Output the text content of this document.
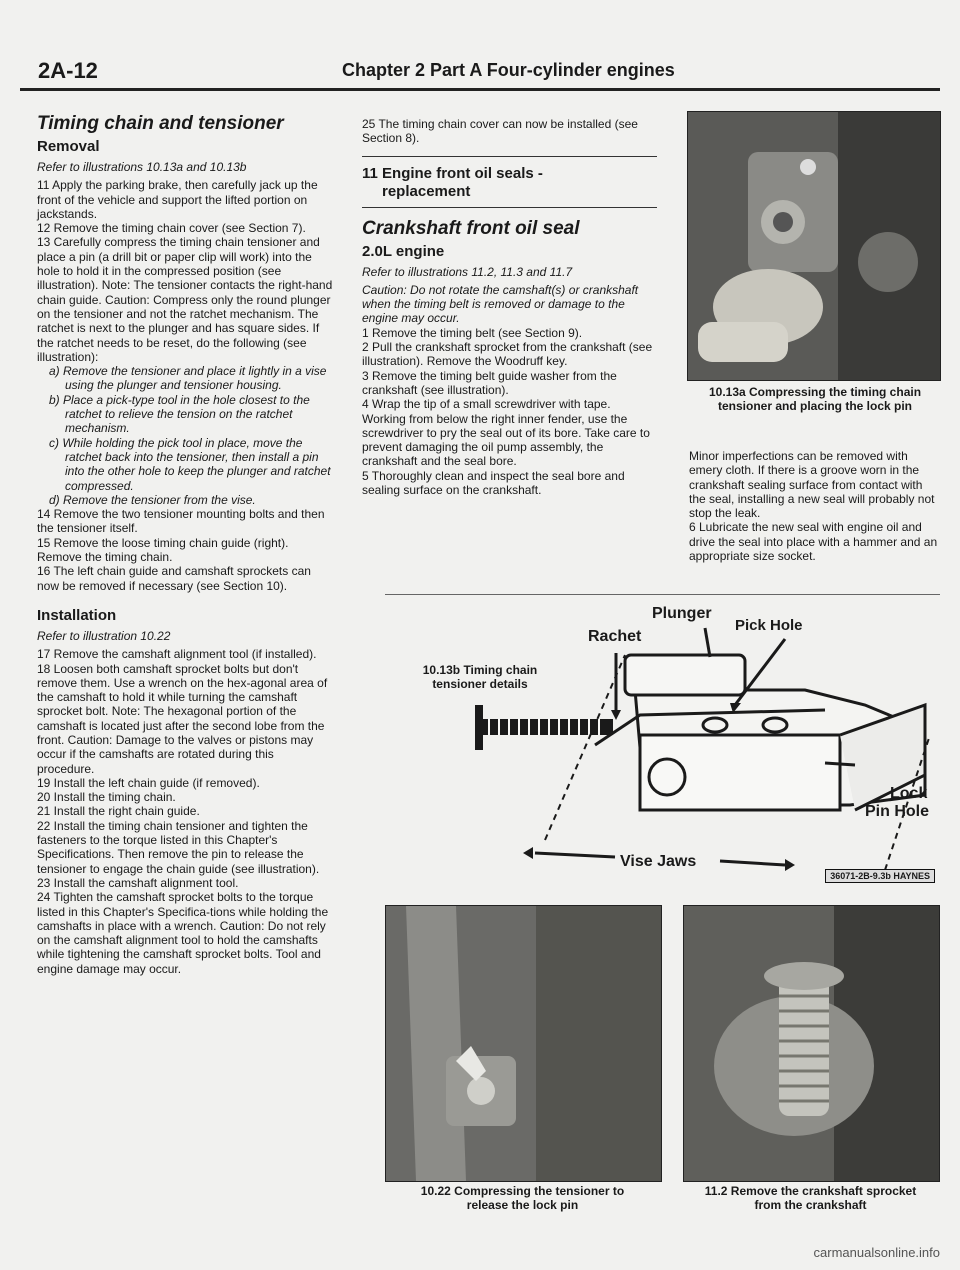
2A-12	Chapter 2 Part A Four-cylinder engines
Timing chain and tensioner
Removal

Refer to illustrations 10.13a and 10.13b

11 Apply the parking brake, then carefully jack up the front of the vehicle and support the lifted portion on jackstands.

12 Remove the timing chain cover (see Section 7).

13 Carefully compress the timing chain tensioner and place a pin (a drill bit or paper clip will work) into the hole to hold it in the compressed position (see illustration). Note: The tensioner contacts the right-hand chain guide. Caution: Compress only the round plunger on the tensioner and not the ratchet mechanism. The ratchet is next to the plunger and has square sides. If the ratchet needs to be reset, do the following (see illustration):

a) Remove the tensioner and place it lightly in a vise using the plunger and tensioner housing.

b) Place a pick-type tool in the hole closest to the ratchet to relieve the tension on the ratchet mechanism.

c) While holding the pick tool in place, move the ratchet back into the tensioner, then install a pin into the other hole to keep the plunger and ratchet compressed.

d) Remove the tensioner from the vise.

14 Remove the two tensioner mounting bolts and then the tensioner itself.

15 Remove the loose timing chain guide (right). Remove the timing chain.

16 The left chain guide and camshaft sprockets can now be removed if necessary (see Section 10).

Installation

Refer to illustration 10.22

17 Remove the camshaft alignment tool (if installed).

18 Loosen both camshaft sprocket bolts but don't remove them. Use a wrench on the hex-agonal area of the camshaft to hold it while turning the camshaft sprocket bolt. Note: The hexagonal portion of the camshaft is located just after the second lobe from the front. Caution: Damage to the valves or pistons may occur if the camshafts are rotated during this procedure.

19 Install the left chain guide (if removed).

20 Install the timing chain.

21 Install the right chain guide.

22 Install the timing chain tensioner and tighten the fasteners to the torque listed in this Chapter's Specifications. Then remove the pin to release the tensioner to engage the chain guide (see illustration).

23 Install the camshaft alignment tool.

24 Tighten the camshaft sprocket bolts to the torque listed in this Chapter's Specifica-tions while holding the camshafts in place with a wrench. Caution: Do not rely on the camshaft alignment tool to hold the camshafts while tightening the camshaft sprocket bolts. Tool and engine damage may occur.

25 The timing chain cover can now be installed (see Section 8).

11 Engine front oil seals -
replacement
Crankshaft front oil seal
2.0L engine

Refer to illustrations 11.2, 11.3 and 11.7

Caution: Do not rotate the camshaft(s) or crankshaft when the timing belt is removed or damage to the engine may occur.

1 Remove the timing belt (see Section 9).

2 Pull the crankshaft sprocket from the crankshaft (see illustration). Remove the Woodruff key.

3 Remove the timing belt guide washer from the crankshaft (see illustration).

4 Wrap the tip of a small screwdriver with tape. Working from below the right inner fender, use the screwdriver to pry the seal out of its bore. Take care to prevent damaging the oil pump assembly, the crankshaft and the seal bore.

5 Thoroughly clean and inspect the seal bore and sealing surface on the crankshaft.

10.13a Compressing the timing chain tensioner and placing the lock pin

Minor imperfections can be removed with emery cloth. If there is a groove worn in the crankshaft sealing surface from contact with the seal, installing a new seal will probably not stop the leak.

6 Lubricate the new seal with engine oil and drive the seal into place with a hammer and an appropriate size socket.

10.13b Timing chain
tensioner details
Plunger
Rachet
Pick Hole
Lock
Pin Hole
Vise Jaws
36071-2B-9.3b HAYNES
10.22 Compressing the tensioner to
release the lock pin
11.2 Remove the crankshaft sprocket
from the crankshaft
carmanualsonline.info
